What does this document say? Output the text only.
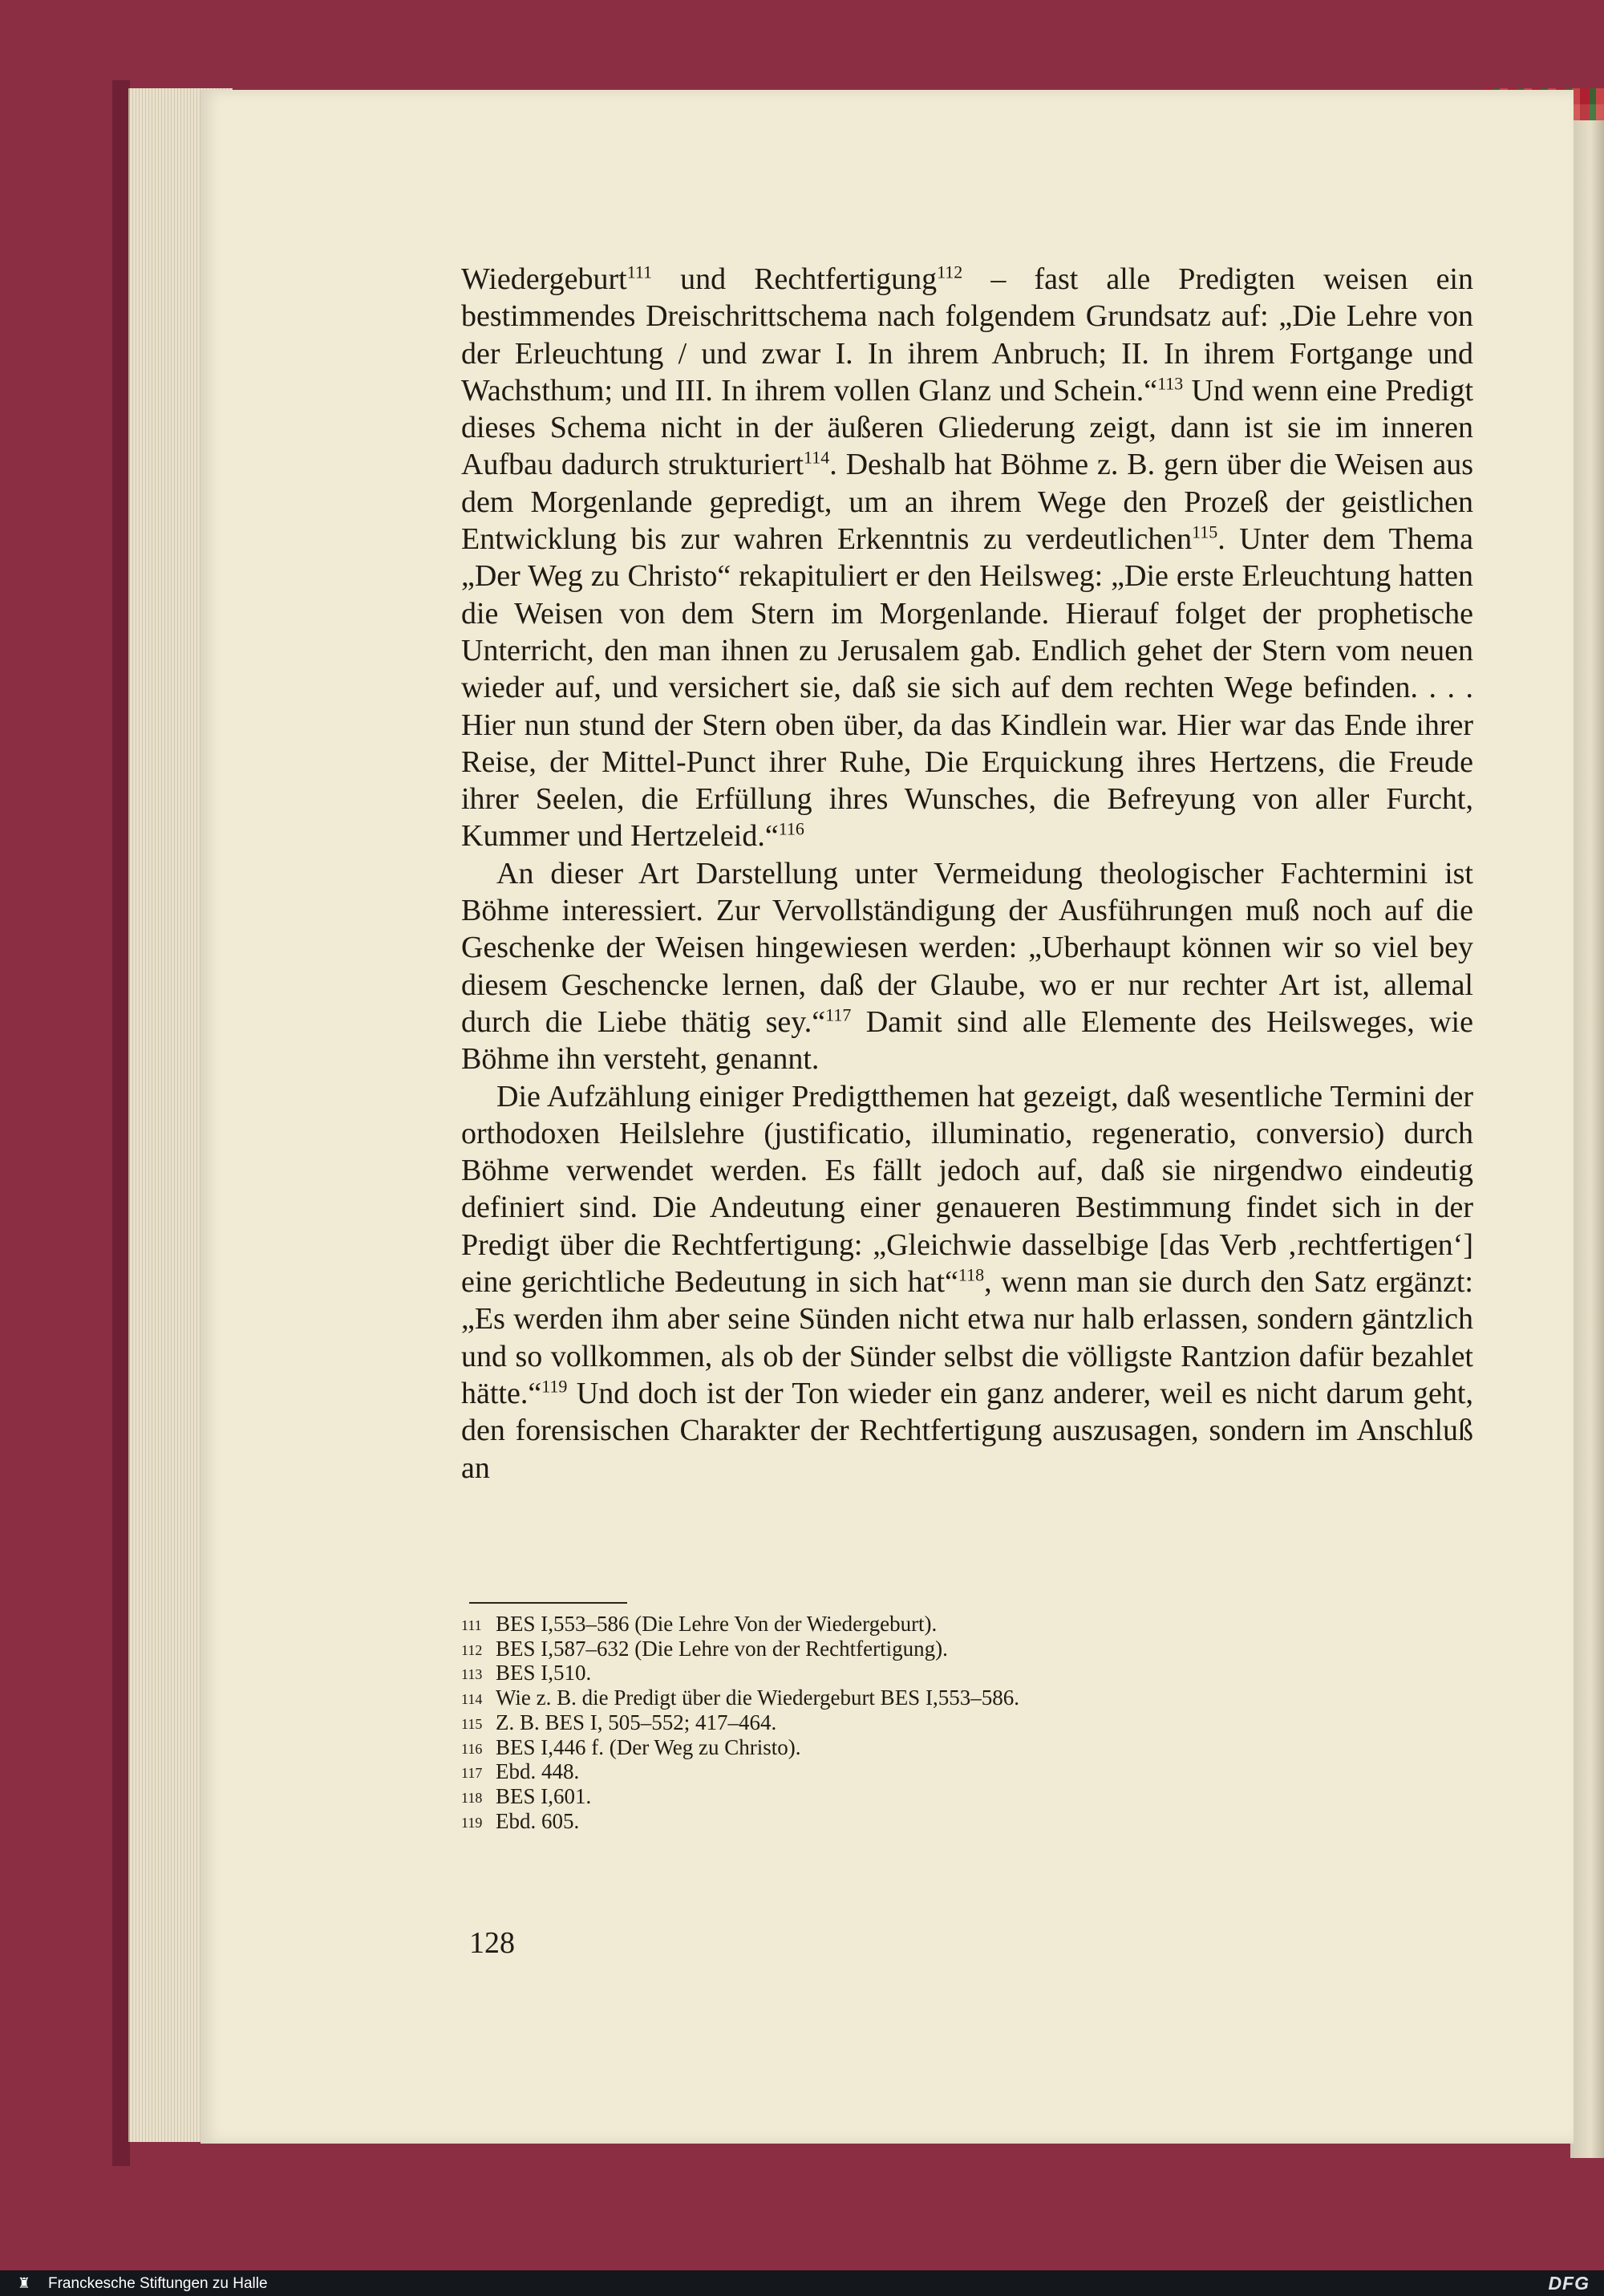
Wiedergeburt$^{111}$ und Rechtfertigung$^{112}$ – fast alle Predigten weisen ein bestimmendes Dreischrittschema nach folgendem Grundsatz auf: „Die Lehre von der Erleuchtung / und zwar I. In ihrem Anbruch; II. In ihrem Fortgange und Wachsthum; und III. In ihrem vollen Glanz und Schein.“$^{113}$ Und wenn eine Predigt dieses Schema nicht in der äußeren Gliederung zeigt, dann ist sie im inneren Aufbau dadurch strukturiert$^{114}$. Deshalb hat Böhme z. B. gern über die Weisen aus dem Morgenlande gepredigt, um an ihrem Wege den Prozeß der geistlichen Entwicklung bis zur wahren Erkenntnis zu verdeutlichen$^{115}$. Unter dem Thema „Der Weg zu Christo“ rekapituliert er den Heilsweg: „Die erste Erleuchtung hatten die Weisen von dem Stern im Morgenlande. Hierauf folget der prophetische Unterricht, den man ihnen zu Jerusalem gab. Endlich gehet der Stern vom neuen wieder auf, und versichert sie, daß sie sich auf dem rechten Wege befinden. . . . Hier nun stund der Stern oben über, da das Kindlein war. Hier war das Ende ihrer Reise, der Mittel-Punct ihrer Ruhe, Die Erquickung ihres Hertzens, die Freude ihrer Seelen, die Erfüllung ihres Wunsches, die Befreyung von aller Furcht, Kummer und Hertzeleid.“$^{116}$

An dieser Art Darstellung unter Vermeidung theologischer Fachtermini ist Böhme interessiert. Zur Vervollständigung der Ausführungen muß noch auf die Geschenke der Weisen hingewiesen werden: „Uberhaupt können wir so viel bey diesem Geschencke lernen, daß der Glaube, wo er nur rechter Art ist, allemal durch die Liebe thätig sey.“$^{117}$ Damit sind alle Elemente des Heilsweges, wie Böhme ihn versteht, genannt.

Die Aufzählung einiger Predigtthemen hat gezeigt, daß wesentliche Termini der orthodoxen Heilslehre (justificatio, illuminatio, regeneratio, conversio) durch Böhme verwendet werden. Es fällt jedoch auf, daß sie nirgendwo eindeutig definiert sind. Die Andeutung einer genaueren Bestimmung findet sich in der Predigt über die Rechtfertigung: „Gleichwie dasselbige [das Verb ‚rechtfertigen‘] eine gerichtliche Bedeutung in sich hat“$^{118}$, wenn man sie durch den Satz ergänzt: „Es werden ihm aber seine Sünden nicht etwa nur halb erlassen, sondern gäntzlich und so vollkommen, als ob der Sünder selbst die völligste Rantzion dafür bezahlet hätte.“$^{119}$ Und doch ist der Ton wieder ein ganz anderer, weil es nicht darum geht, den forensischen Charakter der Rechtfertigung auszusagen, sondern im Anschluß an

111 BES I,553–586 (Die Lehre Von der Wiedergeburt).
112 BES I,587–632 (Die Lehre von der Rechtfertigung).
113 BES I,510.
114 Wie z. B. die Predigt über die Wiedergeburt BES I,553–586.
115 Z. B. BES I, 505–552; 417–464.
116 BES I,446 f. (Der Weg zu Christo).
117 Ebd. 448.
118 BES I,601.
119 Ebd. 605.
128
♜	Franckesche Stiftungen zu Halle	DFG
